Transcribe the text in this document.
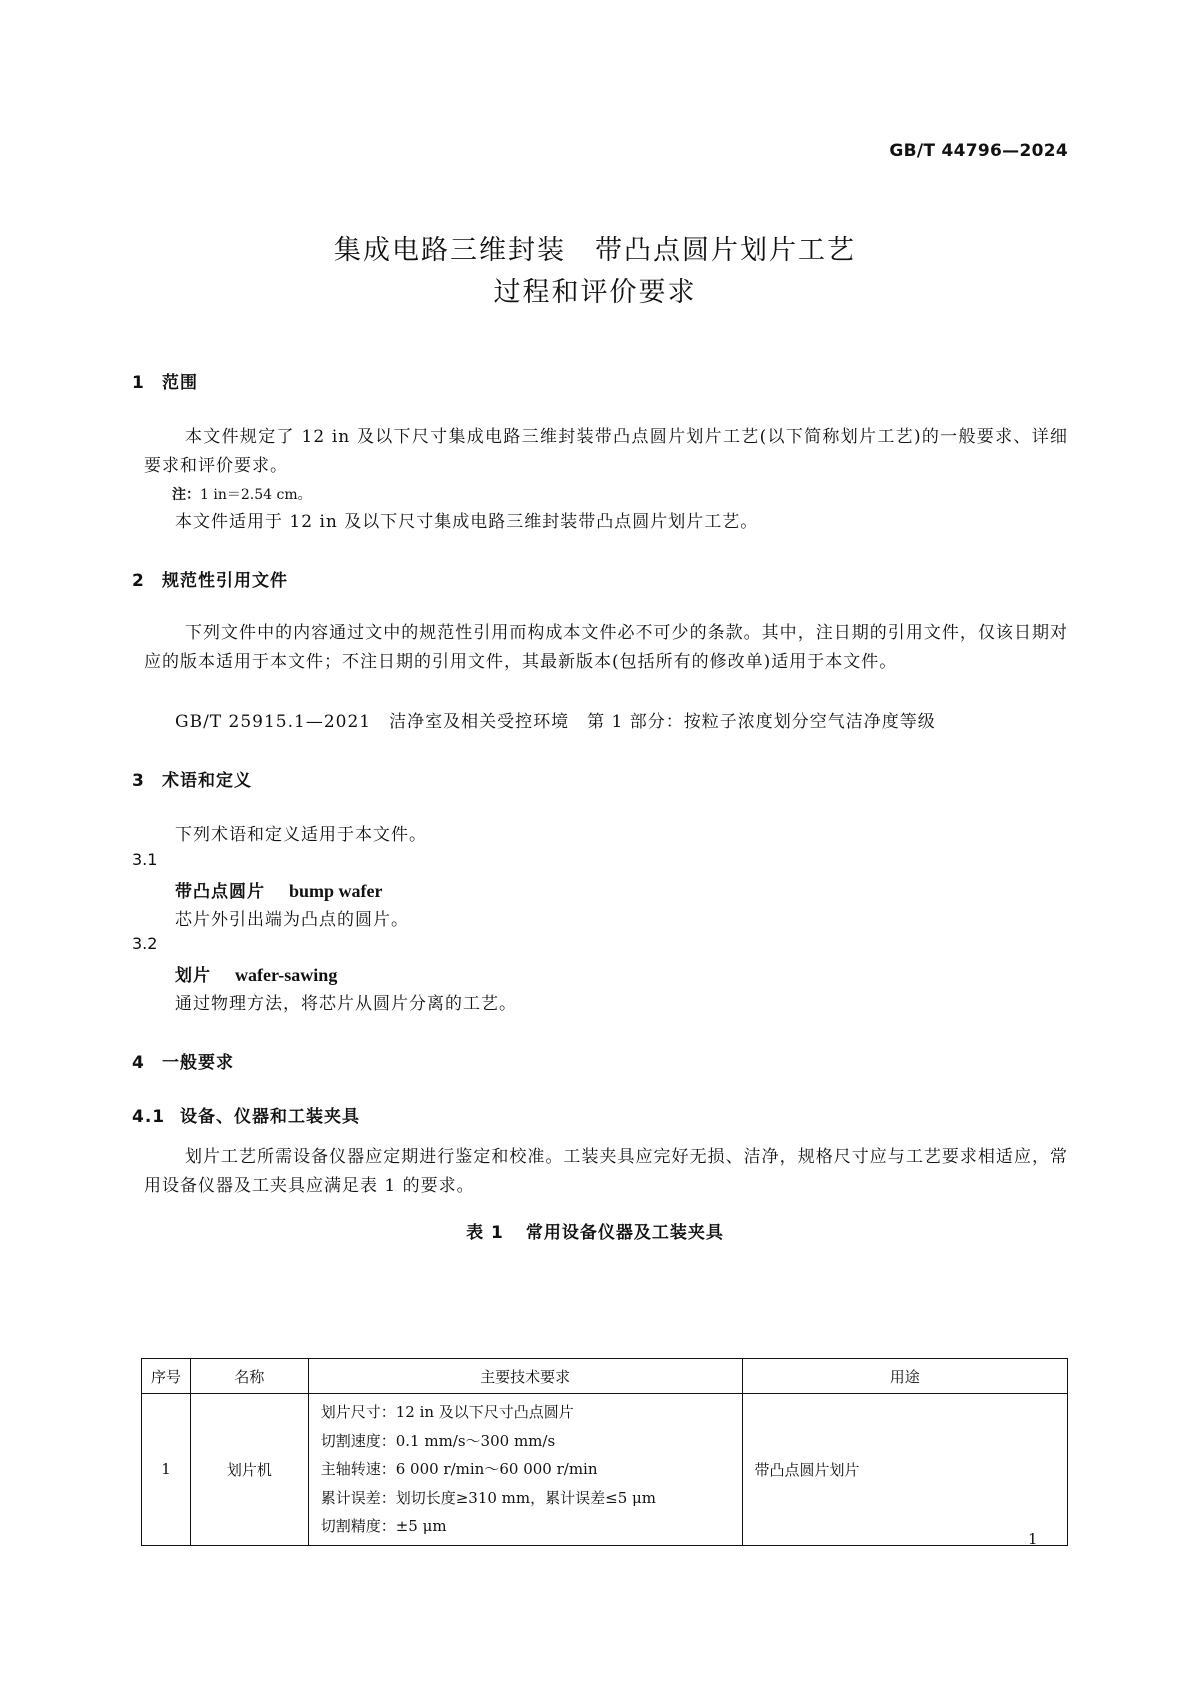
GB/T 44796—2024
集成电路三维封装　带凸点圆片划片工艺
过程和评价要求
1 范围
本文件规定了 12 in 及以下尺寸集成电路三维封装带凸点圆片划片工艺(以下简称划片工艺)的一般要求、详细要求和评价要求。
注：1 in＝2.54 cm。
本文件适用于 12 in 及以下尺寸集成电路三维封装带凸点圆片划片工艺。
2 规范性引用文件
下列文件中的内容通过文中的规范性引用而构成本文件必不可少的条款。其中，注日期的引用文件，仅该日期对应的版本适用于本文件；不注日期的引用文件，其最新版本(包括所有的修改单)适用于本文件。
GB/T 25915.1—2021　洁净室及相关受控环境　第 1 部分：按粒子浓度划分空气洁净度等级
3 术语和定义
下列术语和定义适用于本文件。
3.1
带凸点圆片 bump wafer
芯片外引出端为凸点的圆片。
3.2
划片 wafer-sawing
通过物理方法，将芯片从圆片分离的工艺。
4 一般要求
4.1 设备、仪器和工装夹具
划片工艺所需设备仪器应定期进行鉴定和校准。工装夹具应完好无损、洁净，规格尺寸应与工艺要求相适应，常用设备仪器及工夹具应满足表 1 的要求。
表 1 常用设备仪器及工装夹具
序号	名称	主要技术要求	用途
1	划片机	划片尺寸：12 in 及以下尺寸凸点圆片
切割速度：0.1 mm/s～300 mm/s
主轴转速：6 000 r/min～60 000 r/min
累计误差：划切长度≥310 mm，累计误差≤5 μm
切割精度：±5 μm	带凸点圆片划片
1
